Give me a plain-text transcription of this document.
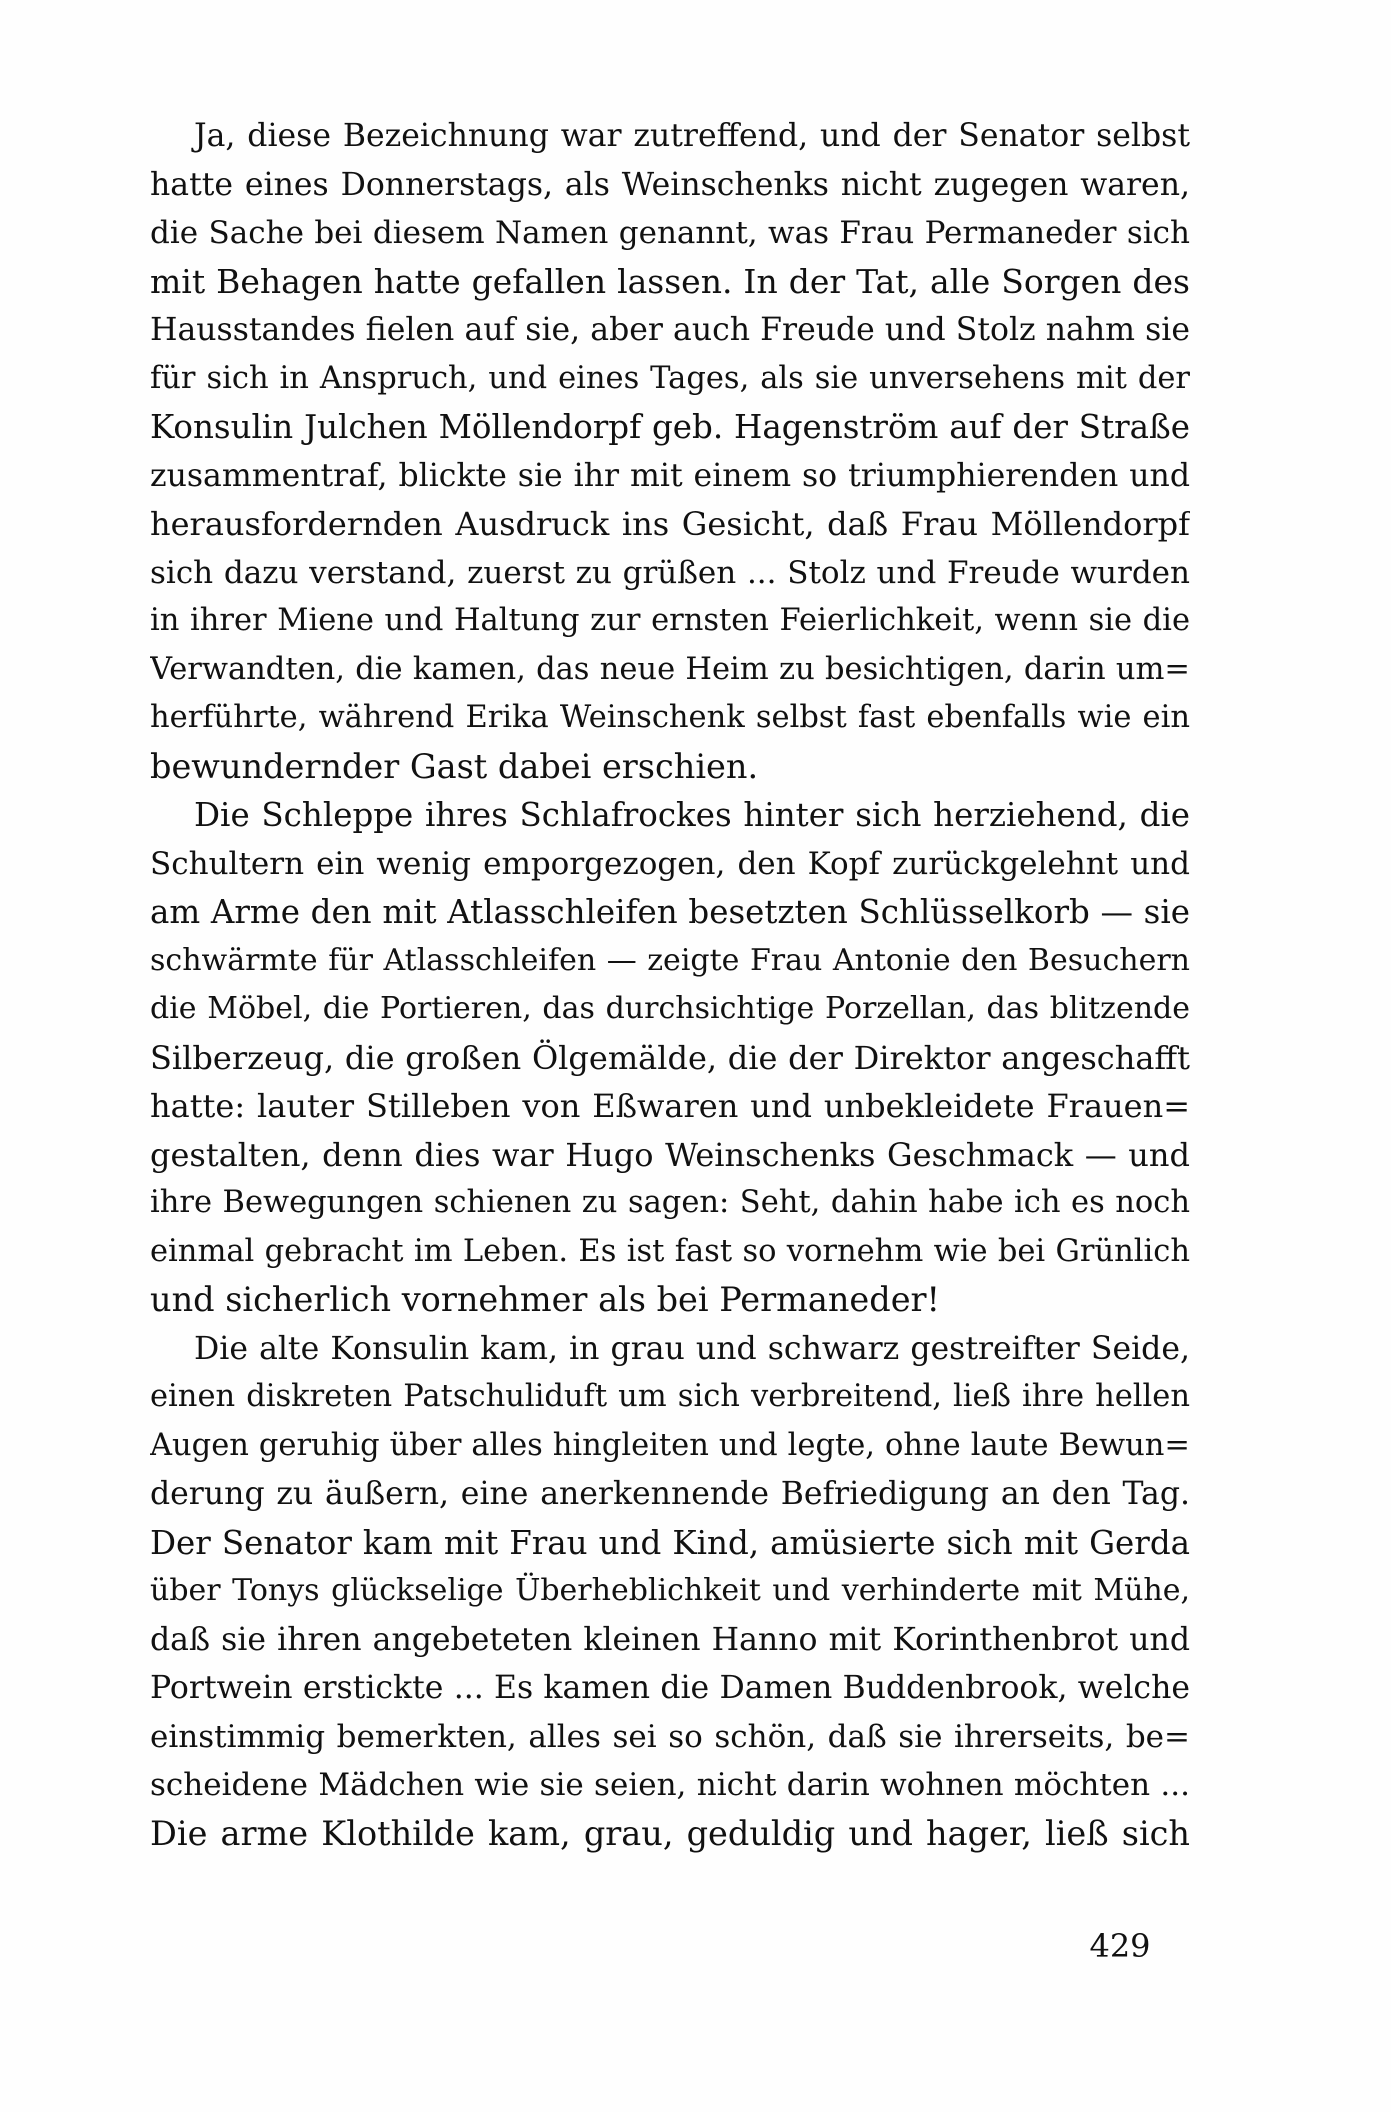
Ja, diese Bezeichnung war zutreffend, und der Senator selbst
hatte eines Donnerstags, als Weinschenks nicht zugegen waren,
die Sache bei diesem Namen genannt, was Frau Permaneder sich
mit Behagen hatte gefallen lassen. In der Tat, alle Sorgen des
Hausstandes fielen auf sie, aber auch Freude und Stolz nahm sie
für sich in Anspruch, und eines Tages, als sie unversehens mit der
Konsulin Julchen Möllendorpf geb. Hagenström auf der Straße
zusammentraf, blickte sie ihr mit einem so triumphierenden und
herausfordernden Ausdruck ins Gesicht, daß Frau Möllendorpf
sich dazu verstand, zuerst zu grüßen ... Stolz und Freude wurden
in ihrer Miene und Haltung zur ernsten Feierlichkeit, wenn sie die
Verwandten, die kamen, das neue Heim zu besichtigen, darin um=
herführte, während Erika Weinschenk selbst fast ebenfalls wie ein
bewundernder Gast dabei erschien.
Die Schleppe ihres Schlafrockes hinter sich herziehend, die
Schultern ein wenig emporgezogen, den Kopf zurückgelehnt und
am Arme den mit Atlasschleifen besetzten Schlüsselkorb — sie
schwärmte für Atlasschleifen — zeigte Frau Antonie den Besuchern
die Möbel, die Portieren, das durchsichtige Porzellan, das blitzende
Silberzeug, die großen Ölgemälde, die der Direktor angeschafft
hatte: lauter Stilleben von Eßwaren und unbekleidete Frauen=
gestalten, denn dies war Hugo Weinschenks Geschmack — und
ihre Bewegungen schienen zu sagen: Seht, dahin habe ich es noch
einmal gebracht im Leben. Es ist fast so vornehm wie bei Grünlich
und sicherlich vornehmer als bei Permaneder!
Die alte Konsulin kam, in grau und schwarz gestreifter Seide,
einen diskreten Patschuliduft um sich verbreitend, ließ ihre hellen
Augen geruhig über alles hingleiten und legte, ohne laute Bewun=
derung zu äußern, eine anerkennende Befriedigung an den Tag.
Der Senator kam mit Frau und Kind, amüsierte sich mit Gerda
über Tonys glückselige Überheblichkeit und verhinderte mit Mühe,
daß sie ihren angebeteten kleinen Hanno mit Korinthenbrot und
Portwein erstickte ... Es kamen die Damen Buddenbrook, welche
einstimmig bemerkten, alles sei so schön, daß sie ihrerseits, be=
scheidene Mädchen wie sie seien, nicht darin wohnen möchten ...
Die arme Klothilde kam, grau, geduldig und hager, ließ sich
429
